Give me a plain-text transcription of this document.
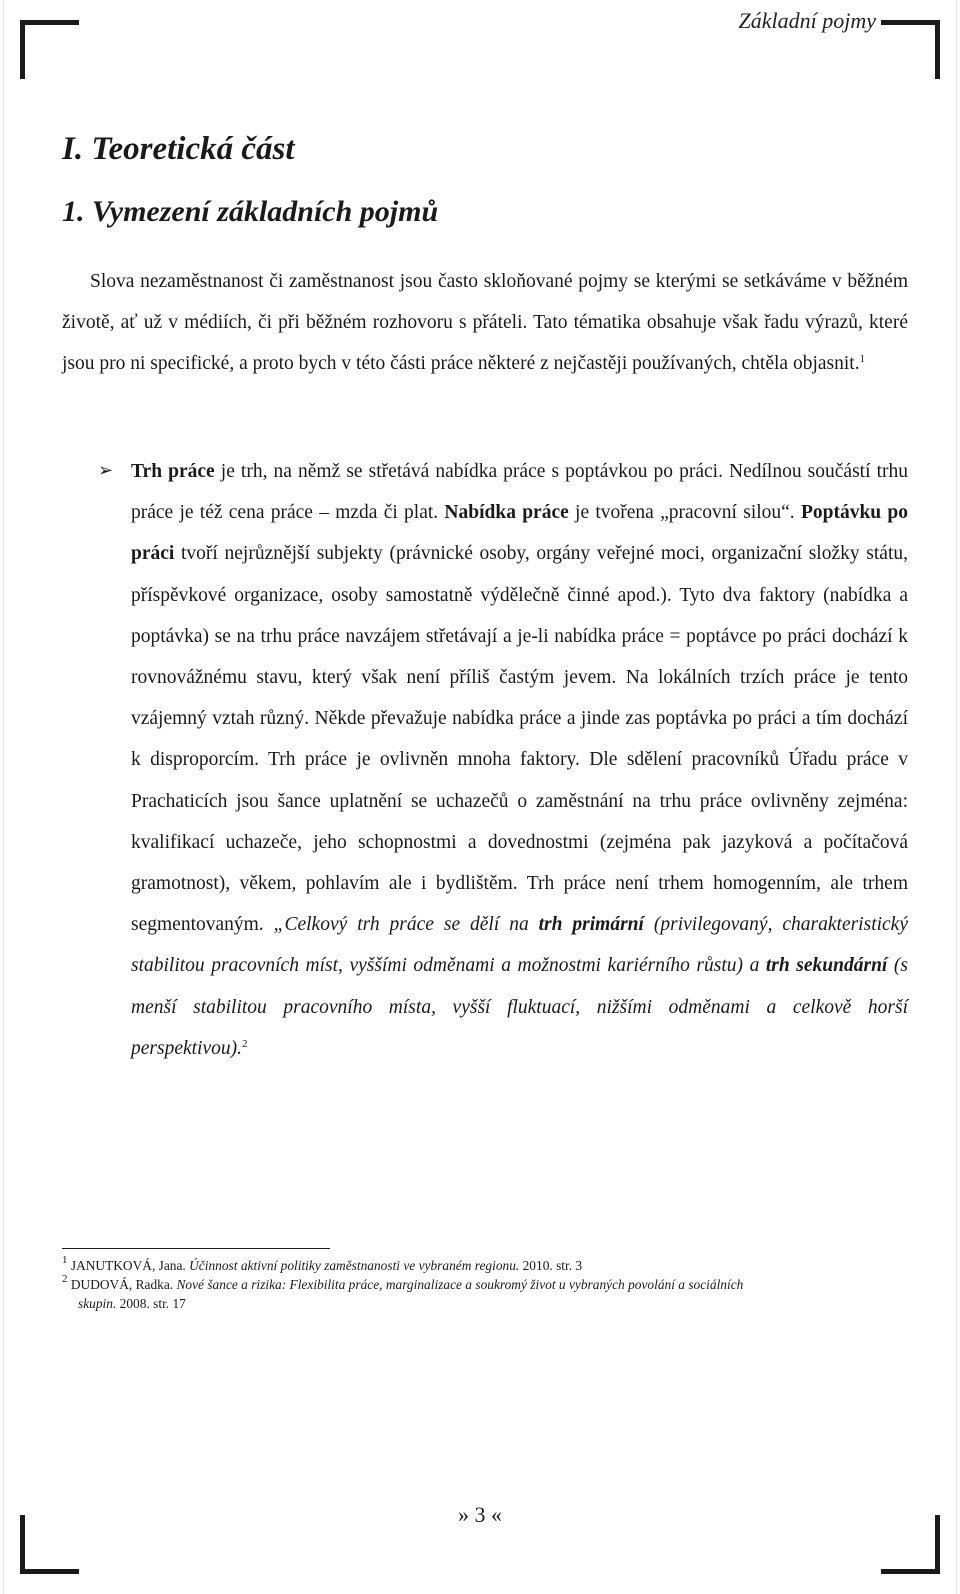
Základní pojmy
I. Teoretická část
1. Vymezení základních pojmů

Slova nezaměstnanost či zaměstnanost jsou často skloňované pojmy se kterými se setkáváme v běžném životě, ať už v médiích, či při běžném rozhovoru s přáteli. Tato tématika obsahuje však řadu výrazů, které jsou pro ni specifické, a proto bych v této části práce některé z nejčastěji používaných, chtěla objasnit.$^1$

➢ Trh práce je trh, na němž se střetává nabídka práce s poptávkou po práci. Nedílnou součástí trhu práce je též cena práce – mzda či plat. Nabídka práce je tvořena „pracovní silou“. Poptávku po práci tvoří nejrůznější subjekty (právnické osoby, orgány veřejné moci, organizační složky státu, příspěvkové organizace, osoby samostatně výdělečně činné apod.). Tyto dva faktory (nabídka a poptávka) se na trhu práce navzájem střetávají a je-li nabídka práce = poptávce po práci dochází k rovnovážnému stavu, který však není příliš častým jevem. Na lokálních trzích práce je tento vzájemný vztah různý. Někde převažuje nabídka práce a jinde zas poptávka po práci a tím dochází k disproporcím. Trh práce je ovlivněn mnoha faktory. Dle sdělení pracovníků Úřadu práce v Prachaticích jsou šance uplatnění se uchazečů o zaměstnání na trhu práce ovlivněny zejména: kvalifikací uchazeče, jeho schopnostmi a dovednostmi (zejména pak jazyková a počítačová gramotnost), věkem, pohlavím ale i bydlištěm. Trh práce není trhem homogenním, ale trhem segmentovaným. „Celkový trh práce se dělí na trh primární (privilegovaný, charakteristický stabilitou pracovních míst, vyššími odměnami a možnostmi kariérního růstu) a trh sekundární (s menší stabilitou pracovního místa, vyšší fluktuací, nižšími odměnami a celkově horší perspektivou).$^2$

$^1$ JANUTKOVÁ, Jana. Účinnost aktivní politiky zaměstnanosti ve vybraném regionu. 2010. str. 3

$^2$ DUDOVÁ, Radka. Nové šance a rizika: Flexibilita práce, marginalizace a soukromý život u vybraných povolání a sociálních
skupin. 2008. str. 17

» 3 «
